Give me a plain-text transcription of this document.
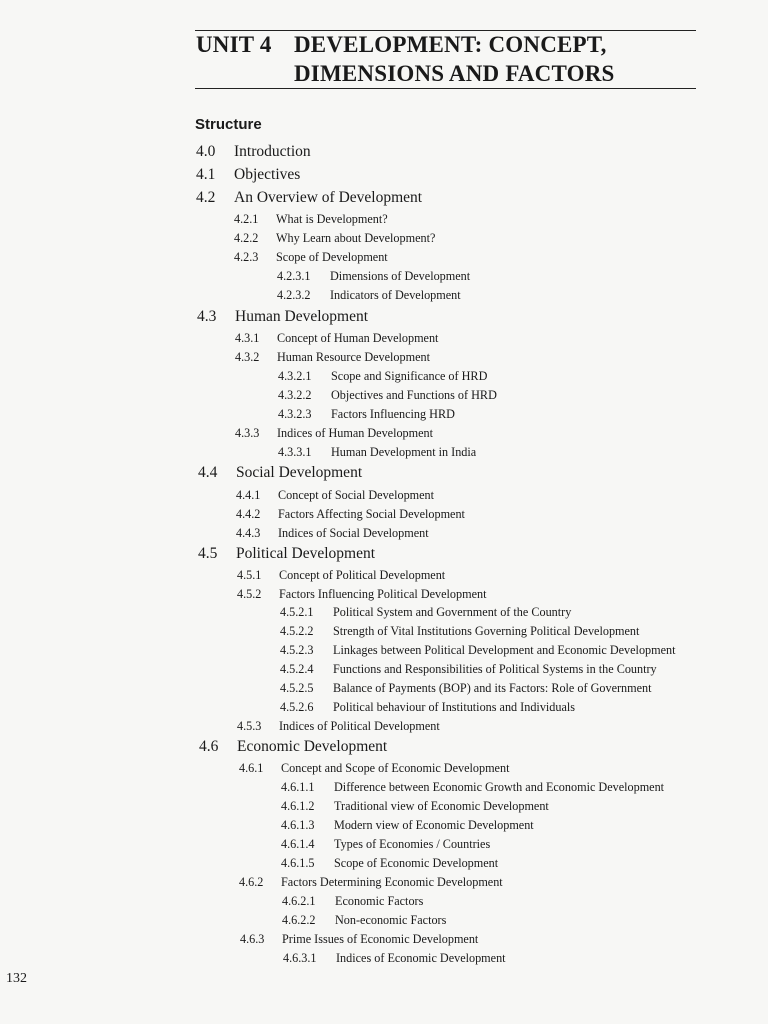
UNIT 4 DEVELOPMENT: CONCEPT,
DIMENSIONS AND FACTORS
Structure
4.0	Introduction
4.1	Objectives
4.2	An Overview of Development
4.2.1	What is Development?
4.2.2	Why Learn about Development?
4.2.3	Scope of Development
4.2.3.1	Dimensions of Development
4.2.3.2	Indicators of Development
4.3	Human Development
4.3.1	Concept of Human Development
4.3.2	Human Resource Development
4.3.2.1	Scope and Significance of HRD
4.3.2.2	Objectives and Functions of HRD
4.3.2.3	Factors Influencing HRD
4.3.3	Indices of Human Development
4.3.3.1	Human Development in India
4.4	Social Development
4.4.1	Concept of Social Development
4.4.2	Factors Affecting Social Development
4.4.3	Indices of Social Development
4.5	Political Development
4.5.1	Concept of Political Development
4.5.2	Factors Influencing Political Development
4.5.2.1	Political System and Government of the Country
4.5.2.2	Strength of Vital Institutions Governing Political Development
4.5.2.3	Linkages between Political Development and Economic Development
4.5.2.4	Functions and Responsibilities of Political Systems in the Country
4.5.2.5	Balance of Payments (BOP) and its Factors: Role of Government
4.5.2.6	Political behaviour of Institutions and Individuals
4.5.3	Indices of Political Development
4.6	Economic Development
4.6.1	Concept and Scope of Economic Development
4.6.1.1	Difference between Economic Growth and Economic Development
4.6.1.2	Traditional view of Economic Development
4.6.1.3	Modern view of Economic Development
4.6.1.4	Types of Economies / Countries
4.6.1.5	Scope of Economic Development
4.6.2	Factors Determining Economic Development
4.6.2.1	Economic Factors
4.6.2.2	Non-economic Factors
4.6.3	Prime Issues of Economic Development
4.6.3.1	Indices of Economic Development
132
